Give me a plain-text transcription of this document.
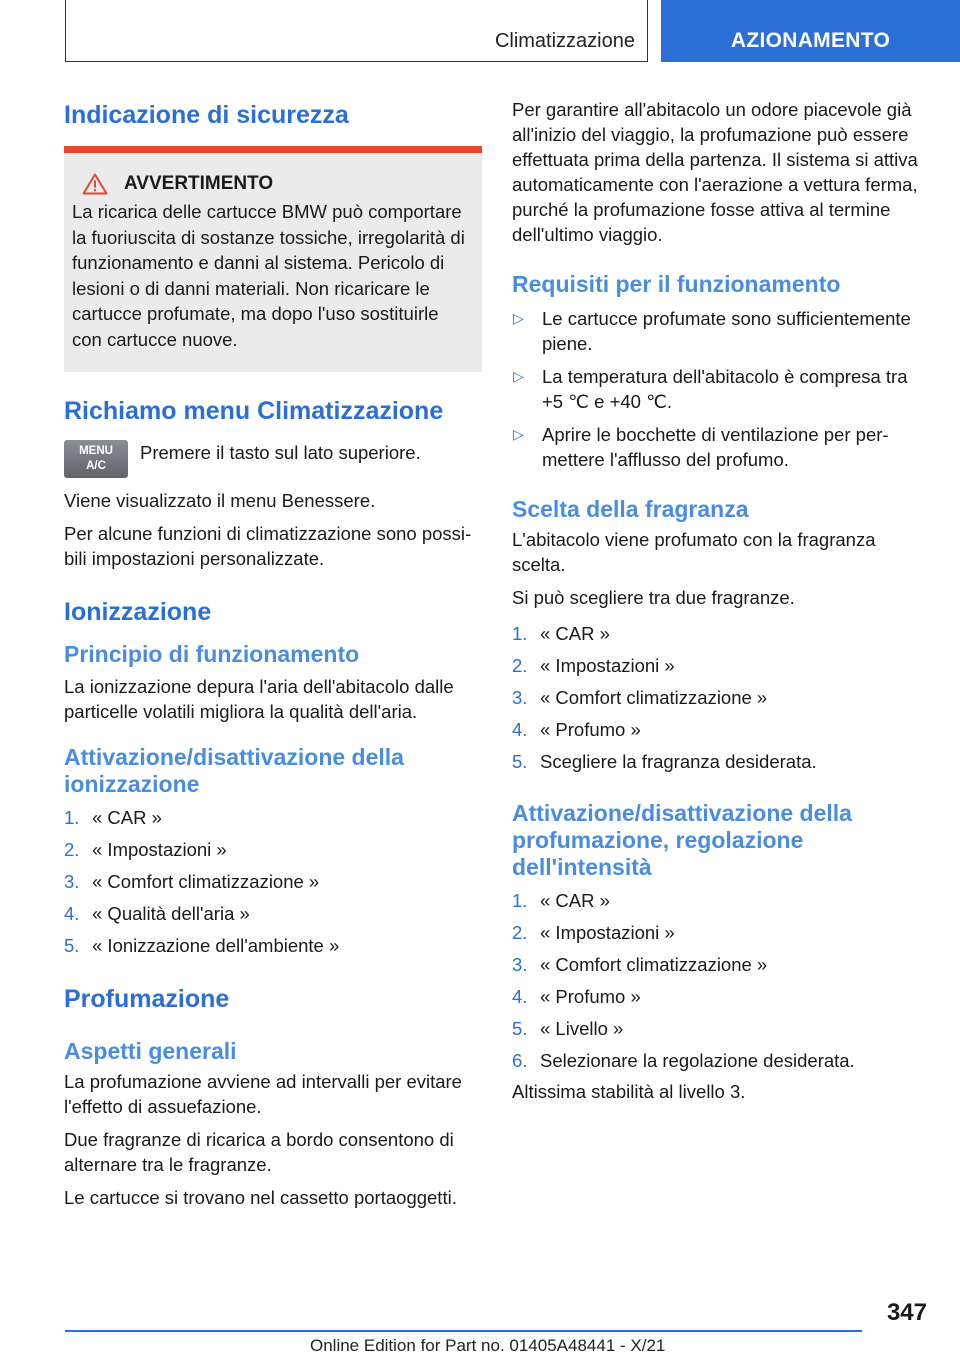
Climatizzazione	AZIONAMENTO
Indicazione di sicurezza
AVVERTIMENTO

La ricarica delle cartucce BMW può comportare la fuoriuscita di sostanze tossiche, irregolarità di funzionamento e danni al sistema. Pericolo di lesioni o di danni materiali. Non ricaricare le cartucce profumate, ma dopo l'uso sostituirle con cartucce nuove.

Richiamo menu Climatizzazione
MENU
A/C

Premere il tasto sul lato superiore.

Viene visualizzato il menu Benessere.

Per alcune funzioni di climatizzazione sono possibili impostazioni personalizzate.

Ionizzazione
Principio di funzionamento

La ionizzazione depura l'aria dell'abitacolo dalle particelle volatili migliora la qualità dell'aria.

Attivazione/disattivazione della ionizzazione
1. « CAR »
2. « Impostazioni »
3. « Comfort climatizzazione »
4. « Qualità dell'aria »
5. « Ionizzazione dell'ambiente »
Profumazione
Aspetti generali

La profumazione avviene ad intervalli per evitare l'effetto di assuefazione.

Due fragranze di ricarica a bordo consentono di alternare tra le fragranze.

Le cartucce si trovano nel cassetto portaoggetti.

Per garantire all'abitacolo un odore piacevole già all'inizio del viaggio, la profumazione può essere effettuata prima della partenza. Il sistema si attiva automaticamente con l'aerazione a vettura ferma, purché la profumazione fosse attiva al termine dell'ultimo viaggio.

Requisiti per il funzionamento
▷ Le cartucce profumate sono sufficientemente piene.
▷ La temperatura dell'abitacolo è compresa tra +5 ℃ e +40 ℃.
▷ Aprire le bocchette di ventilazione per permettere l'afflusso del profumo.
Scelta della fragranza

L'abitacolo viene profumato con la fragranza scelta.

Si può scegliere tra due fragranze.

1. « CAR »
2. « Impostazioni »
3. « Comfort climatizzazione »
4. « Profumo »
5. Scegliere la fragranza desiderata.
Attivazione/disattivazione della profumazione, regolazione dell'intensità
1. « CAR »
2. « Impostazioni »
3. « Comfort climatizzazione »
4. « Profumo »
5. « Livello »
6. Selezionare la regolazione desiderata.

Altissima stabilità al livello 3.

347
Online Edition for Part no. 01405A48441 - X/21
